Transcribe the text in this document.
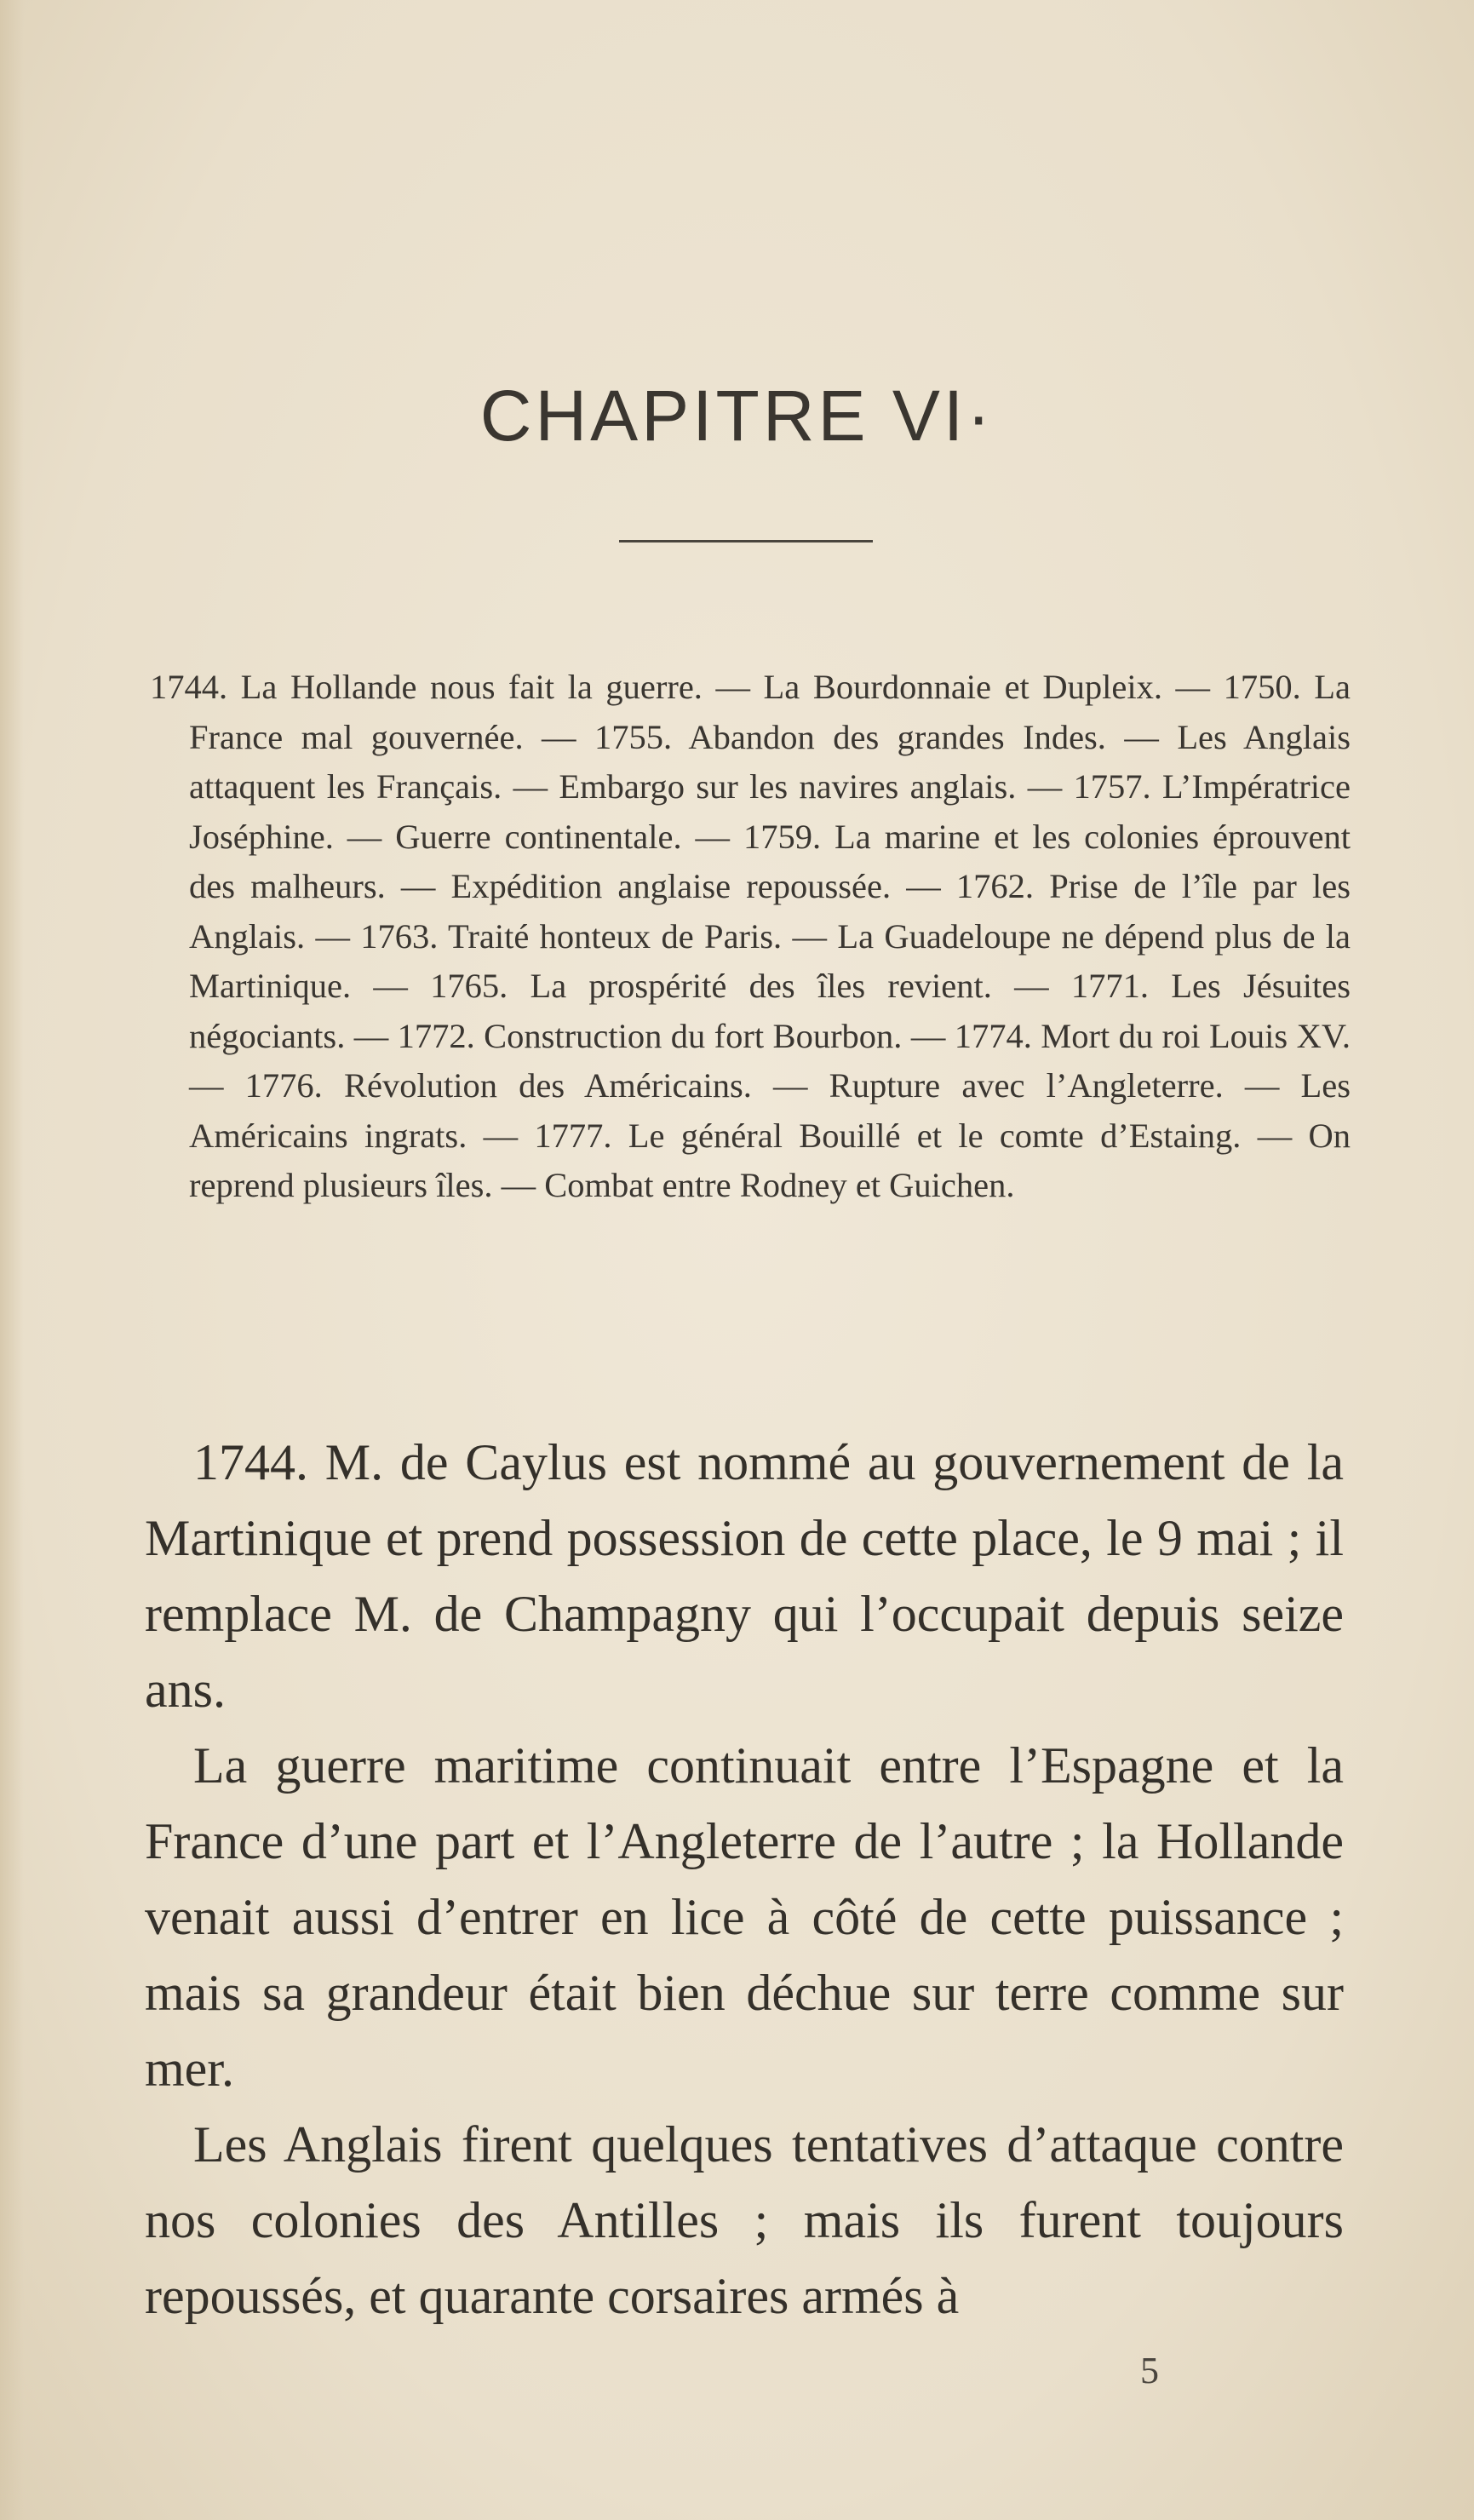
CHAPITRE VI·

1744. La Hollande nous fait la guerre. — La Bourdonnaie et Dupleix. — 1750. La France mal gouvernée. — 1755. Abandon des grandes Indes. — Les Anglais attaquent les Français. — Embargo sur les navires anglais. — 1757. L’Impératrice Joséphine. — Guerre continentale. — 1759. La marine et les colonies éprouvent des malheurs. — Expédition anglaise repoussée. — 1762. Prise de l’île par les Anglais. — 1763. Traité honteux de Paris. — La Guadeloupe ne dépend plus de la Martinique. — 1765. La prospérité des îles revient. — 1771. Les Jésuites négociants. — 1772. Construction du fort Bourbon. — 1774. Mort du roi Louis XV. — 1776. Révolution des Américains. — Rupture avec l’Angleterre. — Les Américains ingrats. — 1777. Le général Bouillé et le comte d’Estaing. — On reprend plusieurs îles. — Combat entre Rodney et Guichen.

1744. M. de Caylus est nommé au gouvernement de la Martinique et prend possession de cette place, le 9 mai ; il remplace M. de Champagny qui l’occupait depuis seize ans.

La guerre maritime continuait entre l’Espagne et la France d’une part et l’Angleterre de l’autre ; la Hollande venait aussi d’entrer en lice à côté de cette puissance ; mais sa grandeur était bien déchue sur terre comme sur mer.

Les Anglais firent quelques tentatives d’attaque contre nos colonies des Antilles ; mais ils furent toujours repoussés, et quarante corsaires armés à

5
